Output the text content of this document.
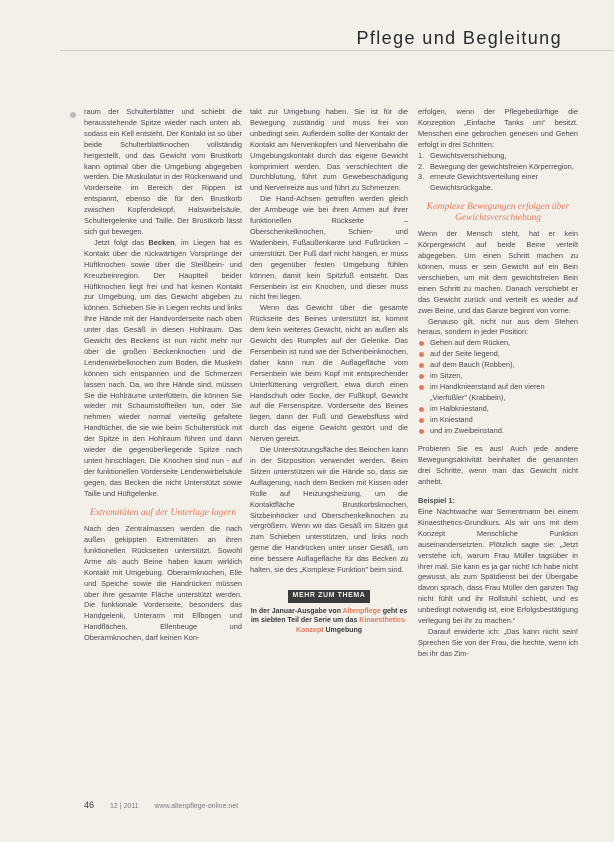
Pflege und Begleitung

raum der Schulterblätter und schiebt die herausstehende Spitze wieder nach unten ab, sodass ein Kell entsteht. Der Kontakt ist so über beide Schulterblattknochen vollständig hergestellt, und das Gewicht vom Brustkorb kann optimal über die Umgebung abgegeben werden. Die Muskulatur in der Rückenwand und Vorderseite im Bereich der Rippen ist entspannt, ebenso die für den Brustkorb zwischen Kopfendekopf, Halswirbelsäule, Schultergelenke und Taille. Der Brustkorb lässt sich gut bewegen.

Jetzt folgt das Becken, im Liegen hat es Kontakt über die rückwärtigen Vorsprünge der Hüftknochen sowie über die Steißbein- und Kreuzbeinregion. Der Hauptteil beider Hüftknochen liegt frei und hat keinen Kontakt zur Umgebung, um das Gewicht abgeben zu können. Schieben Sie in Liegen rechts und links Ihre Hände mit der Handvorderseite nach oben unter das Gesäß in diesen Hohlraum. Das Gewicht des Beckens ist nun nicht mehr nur über die großen Beckenknochen und die Lendenwirbelknochen zum Boden, die Muskeln können sich entspannen und die Schmerzen lassen nach. Da, wo Ihre Hände sind, müssen Sie die Hohlräume unterfüttern, die können Sie wieder mit Schaumstoffteilen tun, oder Sie nehmen wieder normal vierteilig gefaltete Handtücher, die sie wie beim Schulterstück mit der Spitze in den Hohlraum führen und dann wieder die gegenüberliegende Spitze nach unten hinschlagen. Die Knochen sind nun - auf der funktionellen Vorderseite Lendenwirbelsäule gegen, das Becken die nicht Unterstützt sowie Taille und Hüftgelenke.

Extremitäten auf der Unterlage lagern

Nach den Zentralmassen werden die nach außen gekippten Extremitäten an ihren funktionellen Rückseiten unterstützt. Sowohl Arme als auch Beine haben kaum wirklich Kontakt mit Umgebung. Oberarmknochen, Elle und Speiche sowie die Handrücken müssen über ihre gesamte Fläche unterstützt werden. Die funktionale Vorderseite, besonders das Handgelenk, Unterarm mit Ellbogen und Handflächen, Ellenbeuge und Oberarmknochen, darf keinen Kon-

takt zur Umgebung haben. Sie ist für die Bewegung zuständig und muss frei von unbedingt sein. Auflerdem sollte der Kontakt der Kontakt am Nervenkopfen und Nervenbahn die Umgebungskontakt durch das eigene Gewicht komprimiert werden. Das verschlechtert die Durchblutung, führt zum Gewebeschädigung und Nervenreize aus und führt zu Schmerzen.

Die Hand-Achsen getroffen werden gleich der Armbeuge wie bei ihren Armen auf ihrer funktionellen Rückseite – Oberschenkelknochen, Schien- und Wadenbein, Fußaußenkante und Fußrücken – unterstützt. Der Fuß darf nicht hängen, er muss den gegenüber festen Umgebung fühlen können, damit kein Spitzfuß entsteht. Das Fersenbein ist ein Knochen, und dieser muss nicht frei liegen.

Wenn das Gewicht über die gesamte Rückseite des Beines unterstützt ist, kommt dem kein weiteres Gewicht, nicht an außen als Gewicht des Rumpfes auf der Gelenke. Das Fersenbein ist rund wie der Schienbeinknochen, daher kann nun die Auflagefläche vom Fersenbein wie beim Kopf mit entsprechender Unterfütterung vergrößert, etwa durch einen Handschuh oder Socke, der Fußkopf, Gewicht auf die Fersenspitze. Vorderseite des Beines liegen, dann der Fuß und Gewebsfluss wird durch das eigene Gewicht gestört und die Nerven gereizt.

Die Unterstützungsfläche des Beinchen kann in der Sitzposition verwendet werden. Beim Sitzen unterstützen wir die Hände so, dass sie Auflagerung, nach dem Becken mit Kissen oder Rolle auf Heizungsheizung, um die Kontaktfläche Brustkorbsknochen, Sitzbeinhöcker und Oberschenkelknochen zu vergrößern. Wenn wir das Gesäß im Sitzen gut zum Schieben unterstützen, und links noch gerne die Handrücken unter unser Gesäß, um eine bessere Auflagefläche für das Becken zu halten, sie des „Komplexe Funktion” beim sind.

MEHR ZUM THEMA
In der Januar-Ausgabe von Altenpflege geht es im siebten Teil der Serie um das Kinaesthetics-Konzept Umgebung

erfolgen, wenn der Pflegebedürftige die Konzeption „Einfache Tanks um“ besitzt. Menschen eine gebrochen genesen und Gehen erfolgt in drei Schritten:

1. Gewichtsverschiebung,
2. Bewegung der gewichtsfreien Körperregion,
3. erneute Gewichtsverteilung einer Gewichtsrückgabe.
Komplexe Bewegungen erfolgen über Gewichtsverschiebung

Wenn der Mensch steht, hat er kein Körpergewicht auf beide Beine verteilt abgegeben. Um einen Schritt machen zu können, muss er sein Gewicht auf ein Bein verschieben, um mit dem gewichtsfreien Bein einen Schritt zu machen. Danach verschiebt er das Gewicht zurück und verteilt es wieder auf zwei Beine, und das Ganze beginnt von vorne.

Genauso gilt, nicht nur aus dem Stehen heraus, sondern in jeder Position:

Gehen auf dem Rücken,
auf der Seite liegend,
auf dem Bauch (Robben),
im Sitzen,
im Handknieerstand auf den vieren „Vierfüßler” (Krabbeln),
im Halbkniestand,
im Kniestand
und im Zweibeinstand.

Probieren Sie es aus! Auch jede andere Bewegungsaktivität beinhaltet die genannten drei Schritte, wenn man das Gewicht nicht anhebt.

Beispiel 1:

Eine Nachtwache war Sementmann bei einem Kinaesthetics-Grundkurs. Als wir uns mit dem Konzept Menschliche Funktion auseinandersetzten. Plötzlich sagte sie: „Jetzt verstehe ich, warum Frau Müller tagsüber in ihrer mal. Sie kann es ja gar nicht! Ich habe nicht gewusst, als zum Spätdienst bei der Übergabe davon sprach, dass Frau Müller den ganzen Tag nicht fühlt und ihr Rollstuhl schiebt, und es unbedingt notwendig ist, eine Erfolgsbestätigung verlegung bei ihr zu machen.“

Darauf erwiderte ich: „Das kann nicht sein! Sprechen Sie von der Frau, die hechte, wenn ich bei ihr das Zim-

46 12 | 2011 www.altenpflege-online.net
